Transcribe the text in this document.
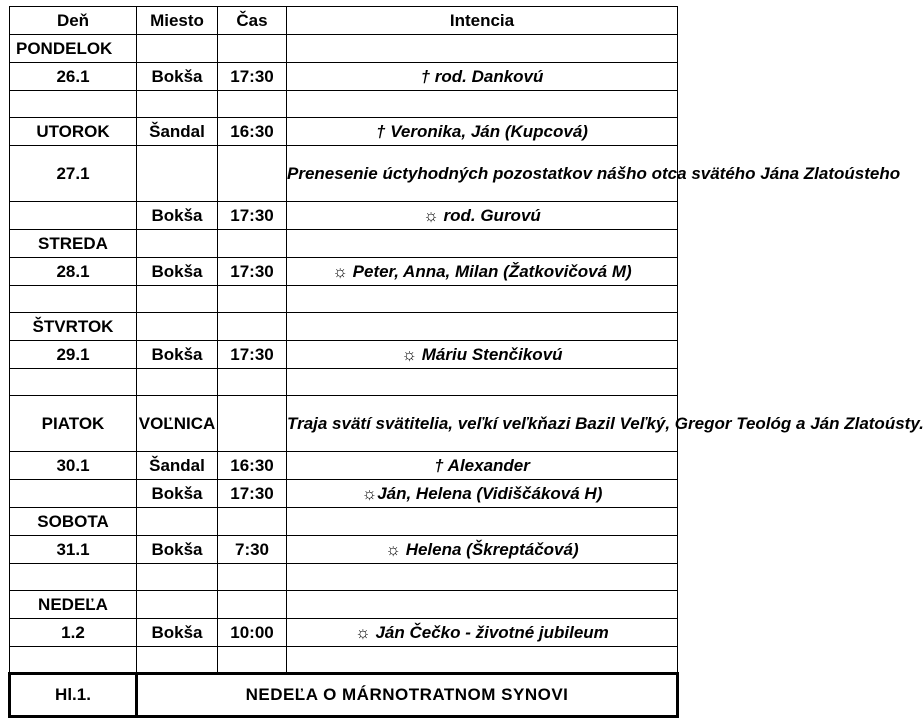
Deň	Miesto	Čas	Intencia
PONDELOK			
26.1	Bokša	17:30	† rod. Dankovú

UTOROK	Šandal	16:30	† Veronika, Ján (Kupcová)
27.1			Prenesenie úctyhodných pozostatkov nášho otca svätého Jána Zlatoústeho
	Bokša	17:30	☼ rod. Gurovú
STREDA			
28.1	Bokša	17:30	☼ Peter, Anna, Milan (Žatkovičová M)

ŠTVRTOK			
29.1	Bokša	17:30	☼ Máriu Stenčikovú

PIATOK	VOĽNICA		Traja svätí svätitelia, veľkí veľkňazi Bazil Veľký, Gregor Teológ a Ján Zlatoústy.
30.1	Šandal	16:30	† Alexander
	Bokša	17:30	☼Ján, Helena (Vidiščáková H)
SOBOTA			
31.1	Bokša	7:30	☼ Helena (Škreptáčová)

NEDEĽA			
1.2	Bokša	10:00	☼ Ján Čečko - životné jubileum

Hl.1.	NEDEĽA O MÁRNOTRATNOM SYNOVI		
